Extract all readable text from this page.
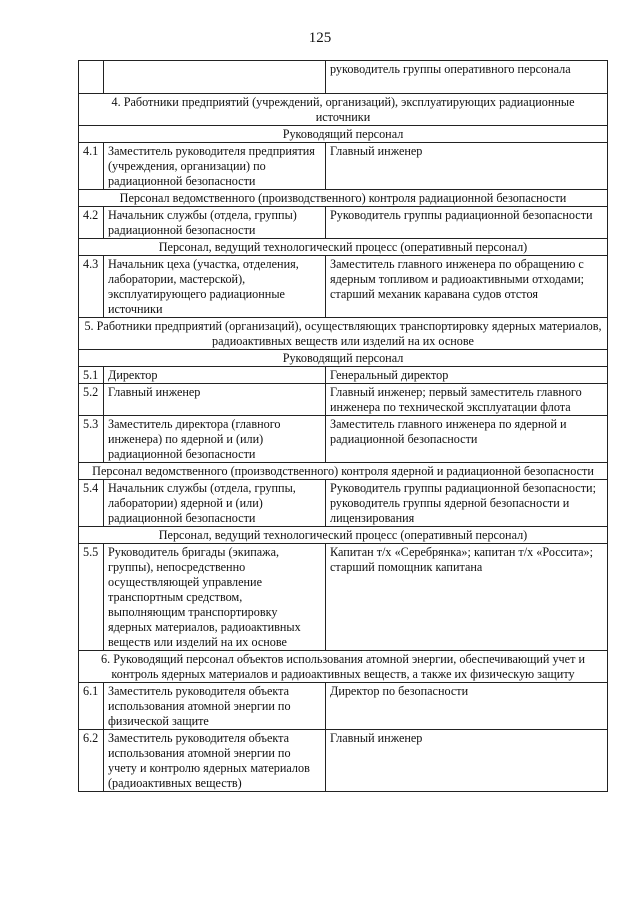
125
		руководитель группы оперативного персонала
4. Работники предприятий (учреждений, организаций), эксплуатирующих радиационные источники		
Руководящий персонал		
4.1	Заместитель руководителя предприятия (учреждения, организации) по радиационной безопасности	Главный инженер
Персонал ведомственного (производственного) контроля радиационной безопасности		
4.2	Начальник службы (отдела, группы) радиационной безопасности	Руководитель группы радиационной безопасности
Персонал, ведущий технологический процесс (оперативный персонал)		
4.3	Начальник цеха (участка, отделения, лаборатории, мастерской), эксплуатирующего радиационные источники	Заместитель главного инженера по обращению с ядерным топливом и радиоактивными отходами; старший механик каравана судов отстоя
5. Работники предприятий (организаций), осуществляющих транспортировку ядерных материалов, радиоактивных веществ или изделий на их основе		
Руководящий персонал		
5.1	Директор	Генеральный директор
5.2	Главный инженер	Главный инженер; первый заместитель главного инженера по технической эксплуатации флота
5.3	Заместитель директора (главного инженера) по ядерной и (или) радиационной безопасности	Заместитель главного инженера по ядерной и радиационной безопасности
Персонал ведомственного (производственного) контроля ядерной и радиационной безопасности		
5.4	Начальник службы (отдела, группы, лаборатории) ядерной и (или) радиационной безопасности	Руководитель группы радиационной безопасности; руководитель группы ядерной безопасности и лицензирования
Персонал, ведущий технологический процесс (оперативный персонал)		
5.5	Руководитель бригады (экипажа, группы), непосредственно осуществляющей управление транспортным средством, выполняющим транспортировку ядерных материалов, радиоактивных веществ или изделий на их основе	Капитан т/х «Серебрянка»; капитан т/х «Россита»; старший помощник капитана
6. Руководящий персонал объектов использования атомной энергии, обеспечивающий учет и контроль ядерных материалов и радиоактивных веществ, а также их физическую защиту		
6.1	Заместитель руководителя объекта использования атомной энергии по физической защите	Директор по безопасности
6.2	Заместитель руководителя объекта использования атомной энергии по учету и контролю ядерных материалов (радиоактивных веществ)	Главный инженер
